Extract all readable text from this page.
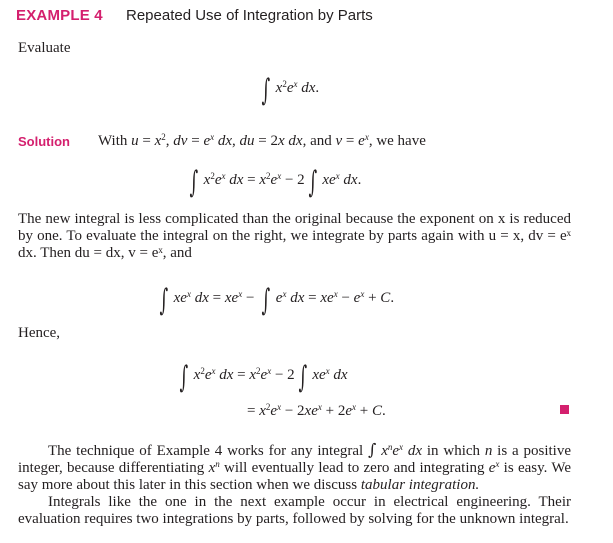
EXAMPLE 4 Repeated Use of Integration by Parts
Evaluate
∫ $x^2e^x$ dx.
Solution With $u = x^2$, dv = $e^x$ dx, du = 2x dx, and $v = e^x$, we have
∫ $x^2e^x$ dx = $x^2e^x - 2$ ∫ $xe^x$ dx.
The new integral is less complicated than the original because the exponent on x is reduced by one. To evaluate the integral on the right, we integrate by parts again with u = x, dv = eˣ dx. Then du = dx, v = eˣ, and
∫ $xe^x$ dx = $xe^x$ − ∫ $e^x$ dx = $xe^x - e^x + C$.
Hence,
∫ $x^2e^x$ dx = $x^2e^x - 2$ ∫ $xe^x$ dx
= $x^2e^x - 2xe^x + 2e^x + C$.
The technique of Example 4 works for any integral ∫ $x^ne^x$ dx in which n is a positive integer, because differentiating $x^n$ will eventually lead to zero and integrating $e^x$ is easy. We say more about this later in this section when we discuss tabular integration.
Integrals like the one in the next example occur in electrical engineering. Their evaluation requires two integrations by parts, followed by solving for the unknown integral.
